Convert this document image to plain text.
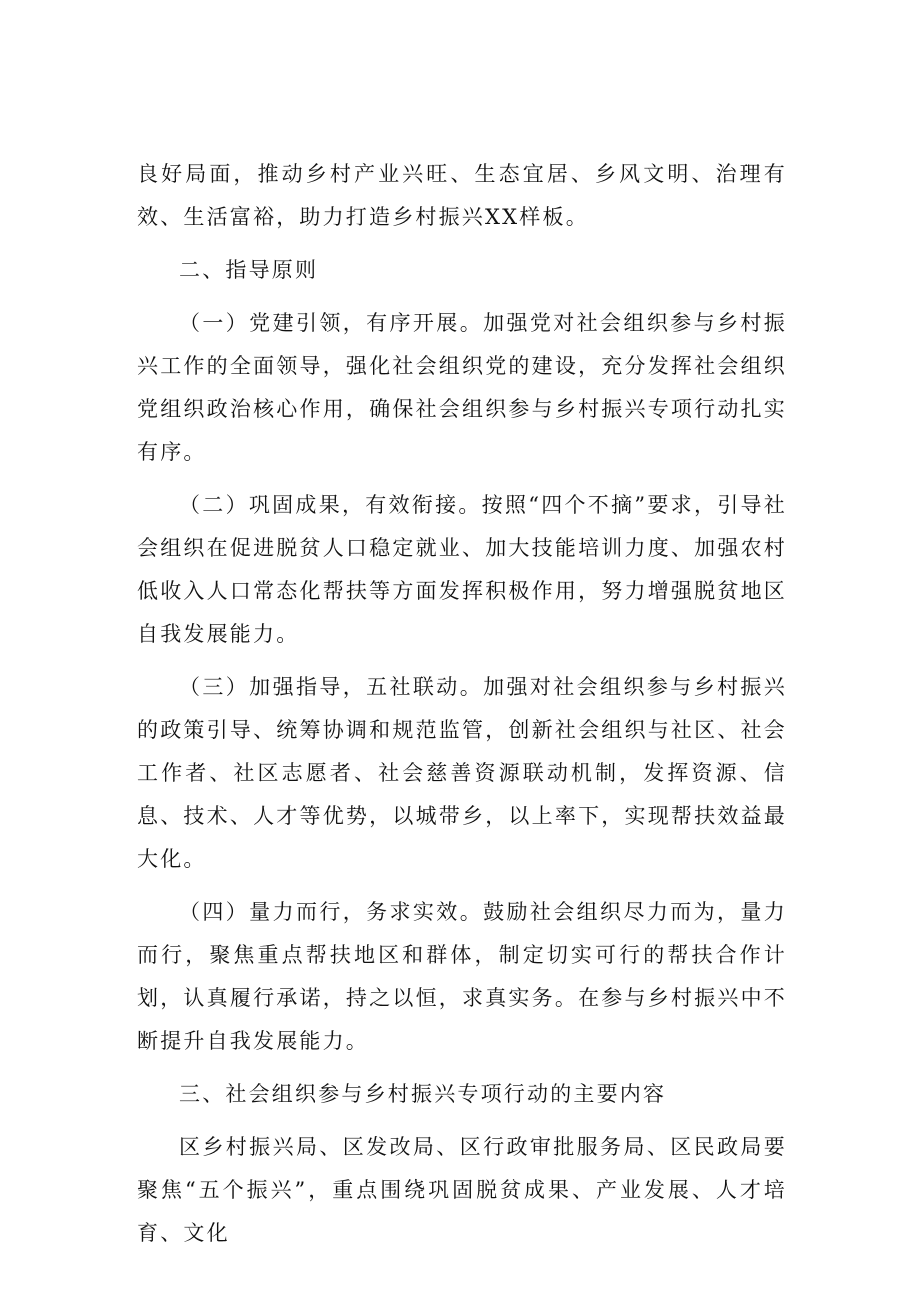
良好局面，推动乡村产业兴旺、生态宜居、乡风文明、治理有效、生活富裕，助力打造乡村振兴XX样板。

二、指导原则

（一）党建引领，有序开展。加强党对社会组织参与乡村振兴工作的全面领导，强化社会组织党的建设，充分发挥社会组织党组织政治核心作用，确保社会组织参与乡村振兴专项行动扎实有序。

（二）巩固成果，有效衔接。按照“四个不摘”要求，引导社会组织在促进脱贫人口稳定就业、加大技能培训力度、加强农村低收入人口常态化帮扶等方面发挥积极作用，努力增强脱贫地区自我发展能力。

（三）加强指导，五社联动。加强对社会组织参与乡村振兴的政策引导、统筹协调和规范监管，创新社会组织与社区、社会工作者、社区志愿者、社会慈善资源联动机制，发挥资源、信息、技术、人才等优势，以城带乡，以上率下，实现帮扶效益最大化。

（四）量力而行，务求实效。鼓励社会组织尽力而为，量力而行，聚焦重点帮扶地区和群体，制定切实可行的帮扶合作计划，认真履行承诺，持之以恒，求真实务。在参与乡村振兴中不断提升自我发展能力。

三、社会组织参与乡村振兴专项行动的主要内容

区乡村振兴局、区发改局、区行政审批服务局、区民政局要聚焦“五个振兴”，重点围绕巩固脱贫成果、产业发展、人才培育、文化
